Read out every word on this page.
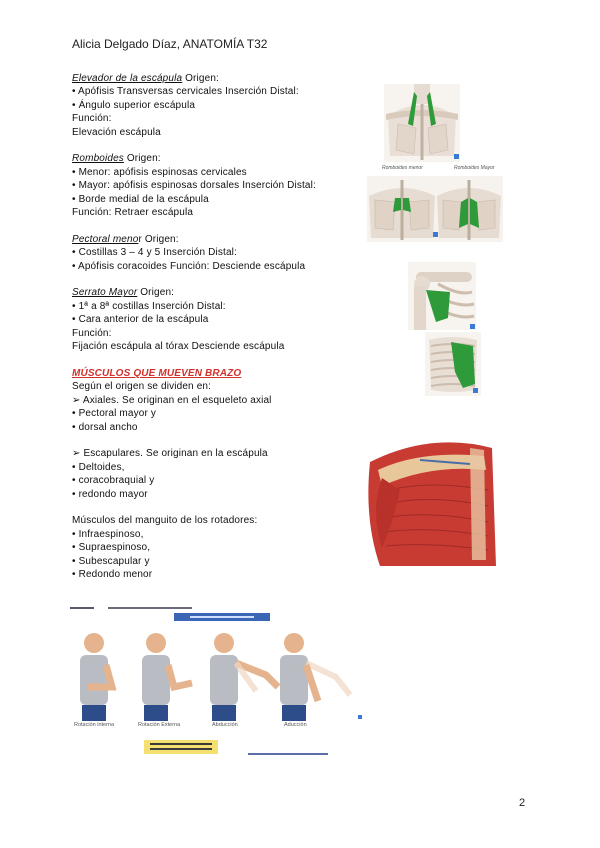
Alicia Delgado Díaz, ANATOMÍA T32
Elevador de la escápula Origen:
• Apófisis Transversas cervicales Inserción Distal:
• Ángulo superior escápula
Función:
Elevación escápula
Romboides Origen:
• Menor: apófisis espinosas cervicales
• Mayor: apófisis espinosas dorsales Inserción Distal:
• Borde medial de la escápula
Función: Retraer escápula
Pectoral menor Origen:
• Costillas 3 – 4 y 5 Inserción Distal:
• Apófisis coracoides Función: Desciende escápula
Serrato Mayor Origen:
• 1ª a 8ª costillas Inserción Distal:
• Cara anterior de la escápula
Función:
Fijación escápula al tórax Desciende escápula
MÚSCULOS QUE MUEVEN BRAZO
Según el origen se dividen en:
➢ Axiales. Se originan en el esqueleto axial
• Pectoral mayor y
• dorsal ancho
➢ Escapulares. Se originan en la escápula
• Deltoides,
• coracobraquial y
• redondo mayor
Músculos del manguito de los rotadores:
• Infraespinoso,
• Supraespinoso,
• Subescapular y
• Redondo menor
Romboides menor	Romboides Mayor
Rotación interna	Rotación Externa	Abducción	Aducción
2
